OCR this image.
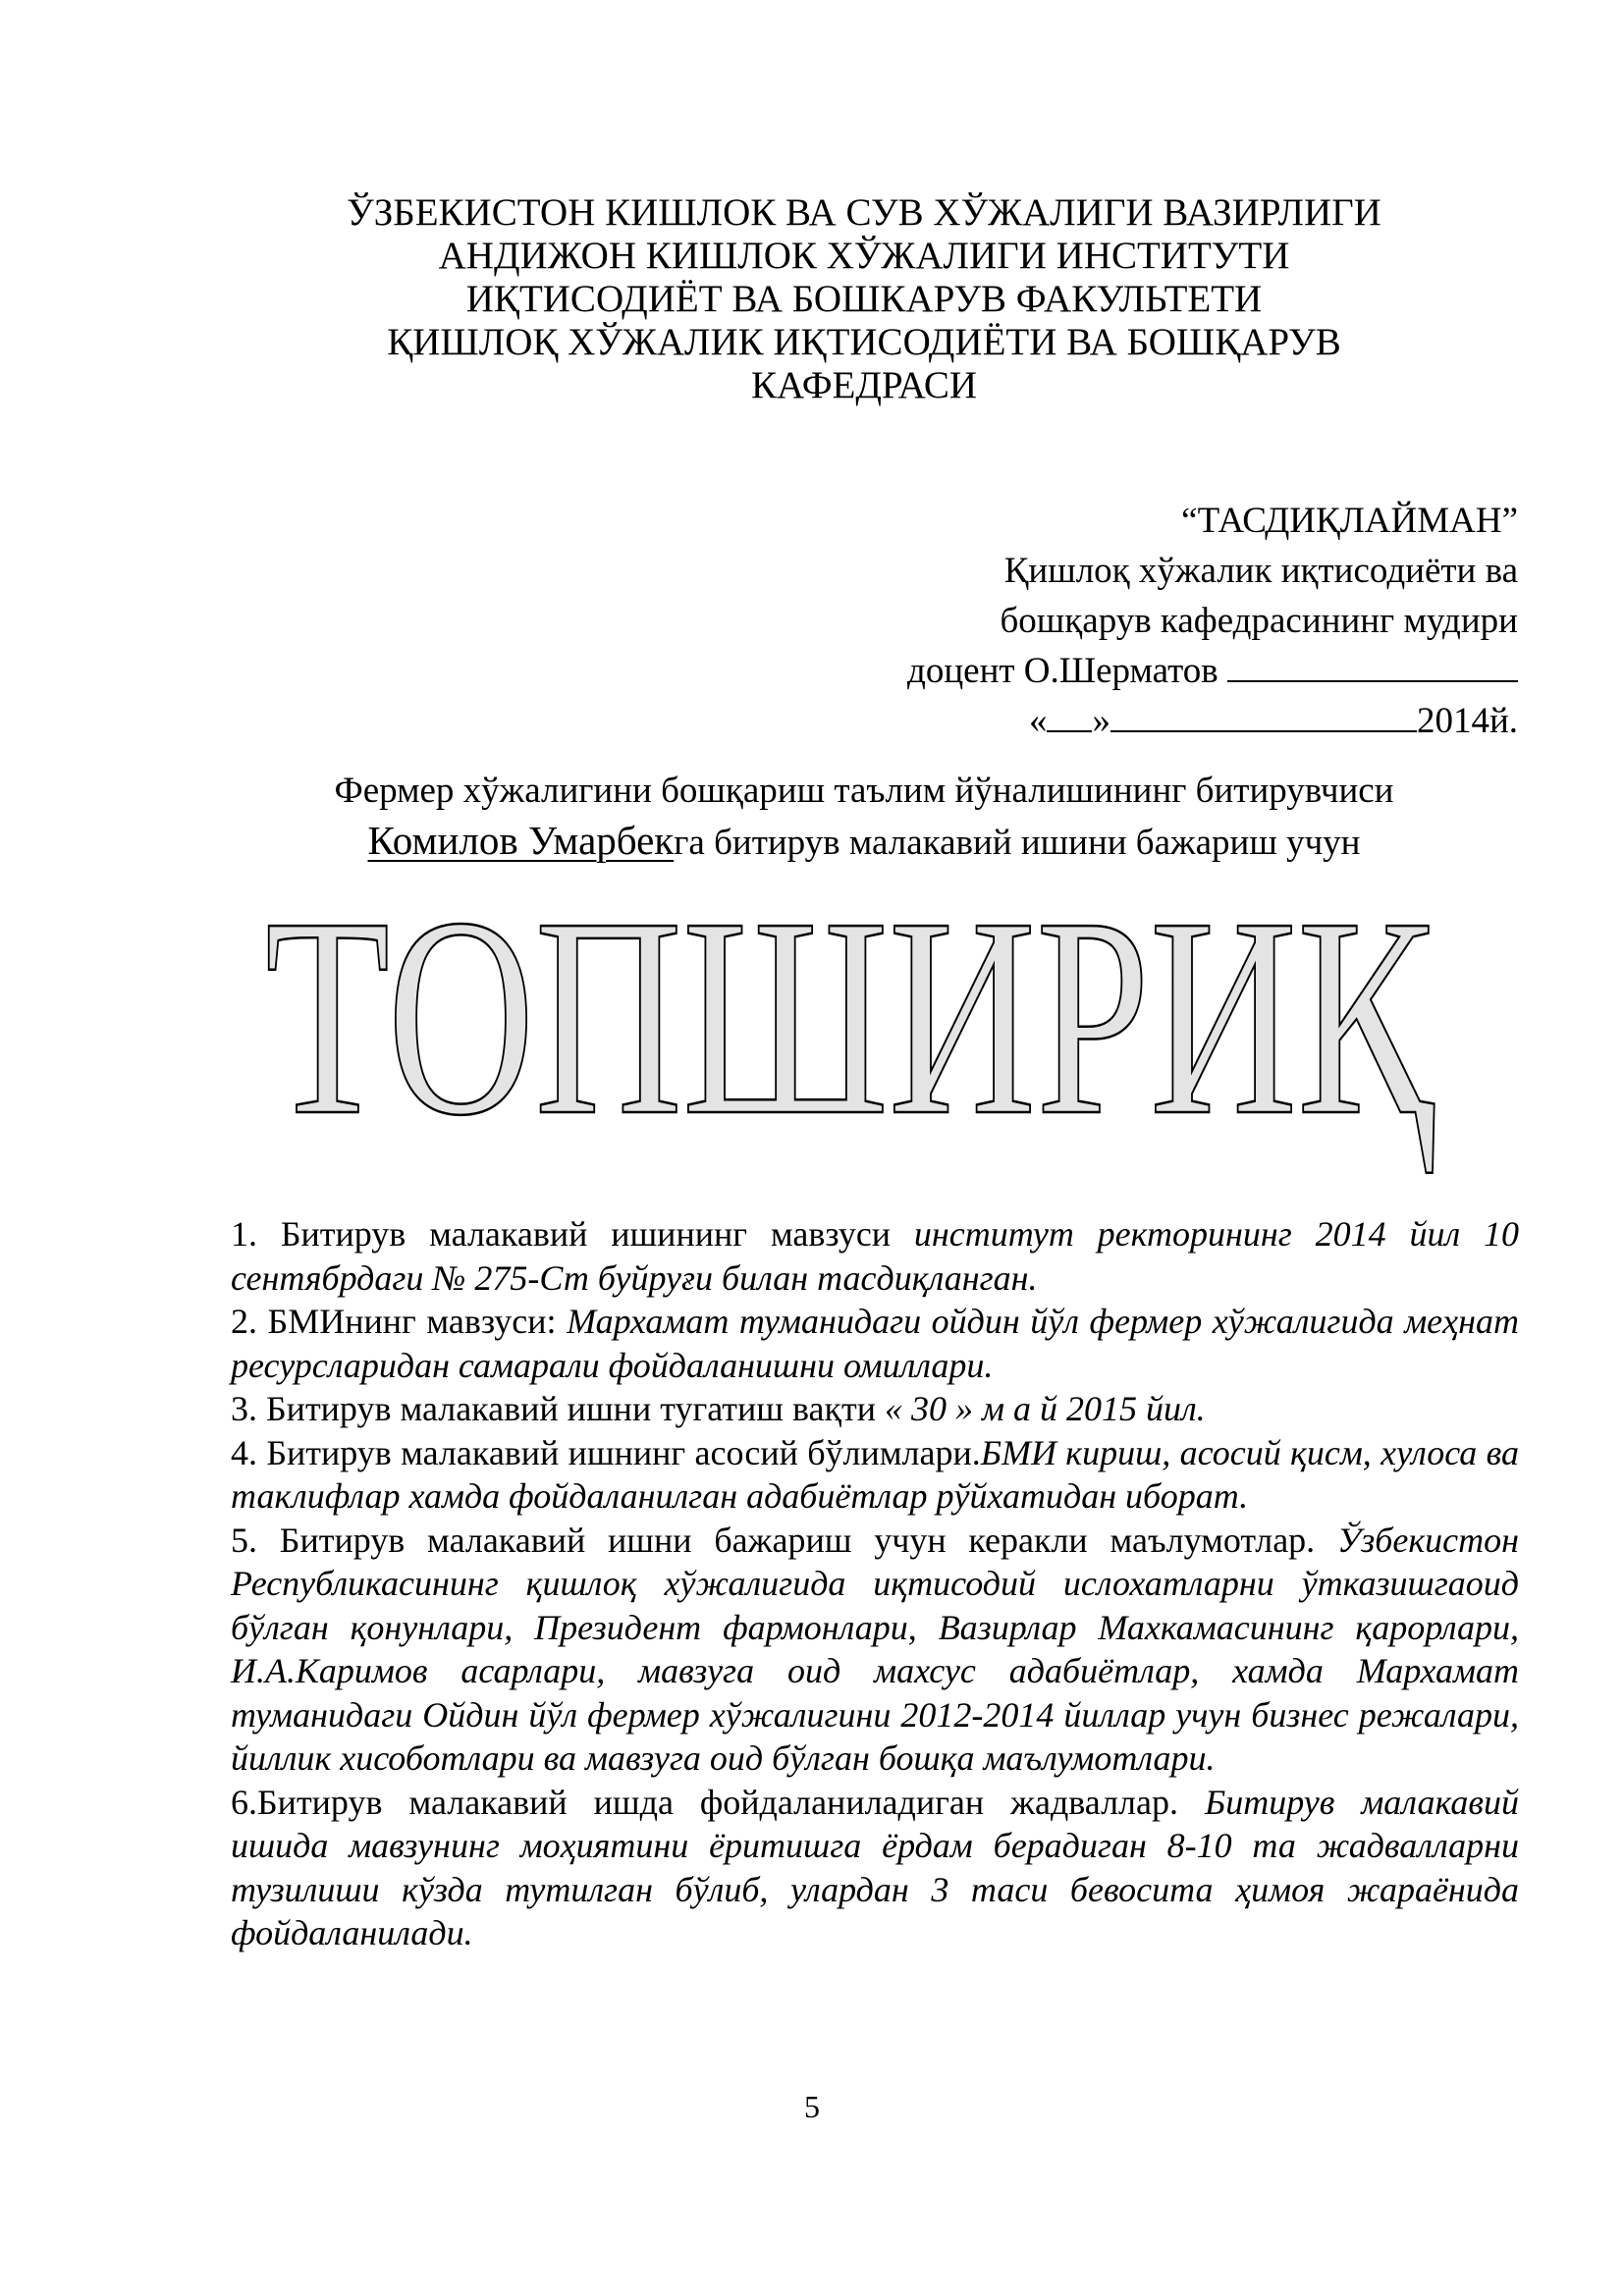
ЎЗБЕКИСТОН КИШЛОК ВА СУВ ХЎЖАЛИГИ ВАЗИРЛИГИ
АНДИЖОН КИШЛОК ХЎЖАЛИГИ ИНСТИТУТИ
ИҚТИСОДИЁТ ВА БОШКАРУВ ФАКУЛЬТЕТИ
ҚИШЛОҚ ХЎЖАЛИК ИҚТИСОДИЁТИ ВА БОШҚАРУВ
КАФЕДРАСИ
“ТАСДИҚЛАЙМАН”
Қишлоқ хўжалик иқтисодиёти ва
бошқарув кафедрасининг мудири
доцент О.Шерматов
« »	2014й.
Фермер хўжалигини бошқариш таълим йўналишининг битирувчиси
Комилов Умарбекга битирув малакавий ишини бажариш учун
ТОПШИРИҚ

1. Битирув малакавий ишининг мавзуси институт ректорининг 2014 йил 10 сентябрдаги № 275-Ст буйруғи билан тасдиқланган.

2. БМИнинг мавзуси: Мархамат туманидаги ойдин йўл фермер хўжалигида меҳнат ресурсларидан самарали фойдаланишни омиллари.

3. Битирув малакавий ишни тугатиш вақти « 30 » м а й 2015 йил.

4. Битирув малакавий ишнинг асосий бўлимлари.БМИ кириш, асосий қисм, хулоса ва таклифлар хамда фойдаланилган адабиётлар рўйхатидан иборат.

5. Битирув малакавий ишни бажариш учун керакли маълумотлар. Ўзбекистон Республикасининг қишлоқ хўжалигида иқтисодий ислохатларни ўтказишгаоид бўлган қонунлари, Президент фармонлари, Вазирлар Махкамасининг қарорлари, И.А.Каримов асарлари, мавзуга оид махсус адабиётлар, хамда Мархамат туманидаги Ойдин йўл фермер хўжалигини 2012-2014 йиллар учун бизнес режалари, йиллик хисоботлари ва мавзуга оид бўлган бошқа маълумотлари.

6.Битирув малакавий ишда фойдаланиладиган жадваллар. Битирув малакавий ишида мавзунинг моҳиятини ёритишга ёрдам берадиган 8-10 та жадвалларни тузилиши кўзда тутилган бўлиб, улардан 3 таси бевосита ҳимоя жараёнида фойдаланилади.

5
